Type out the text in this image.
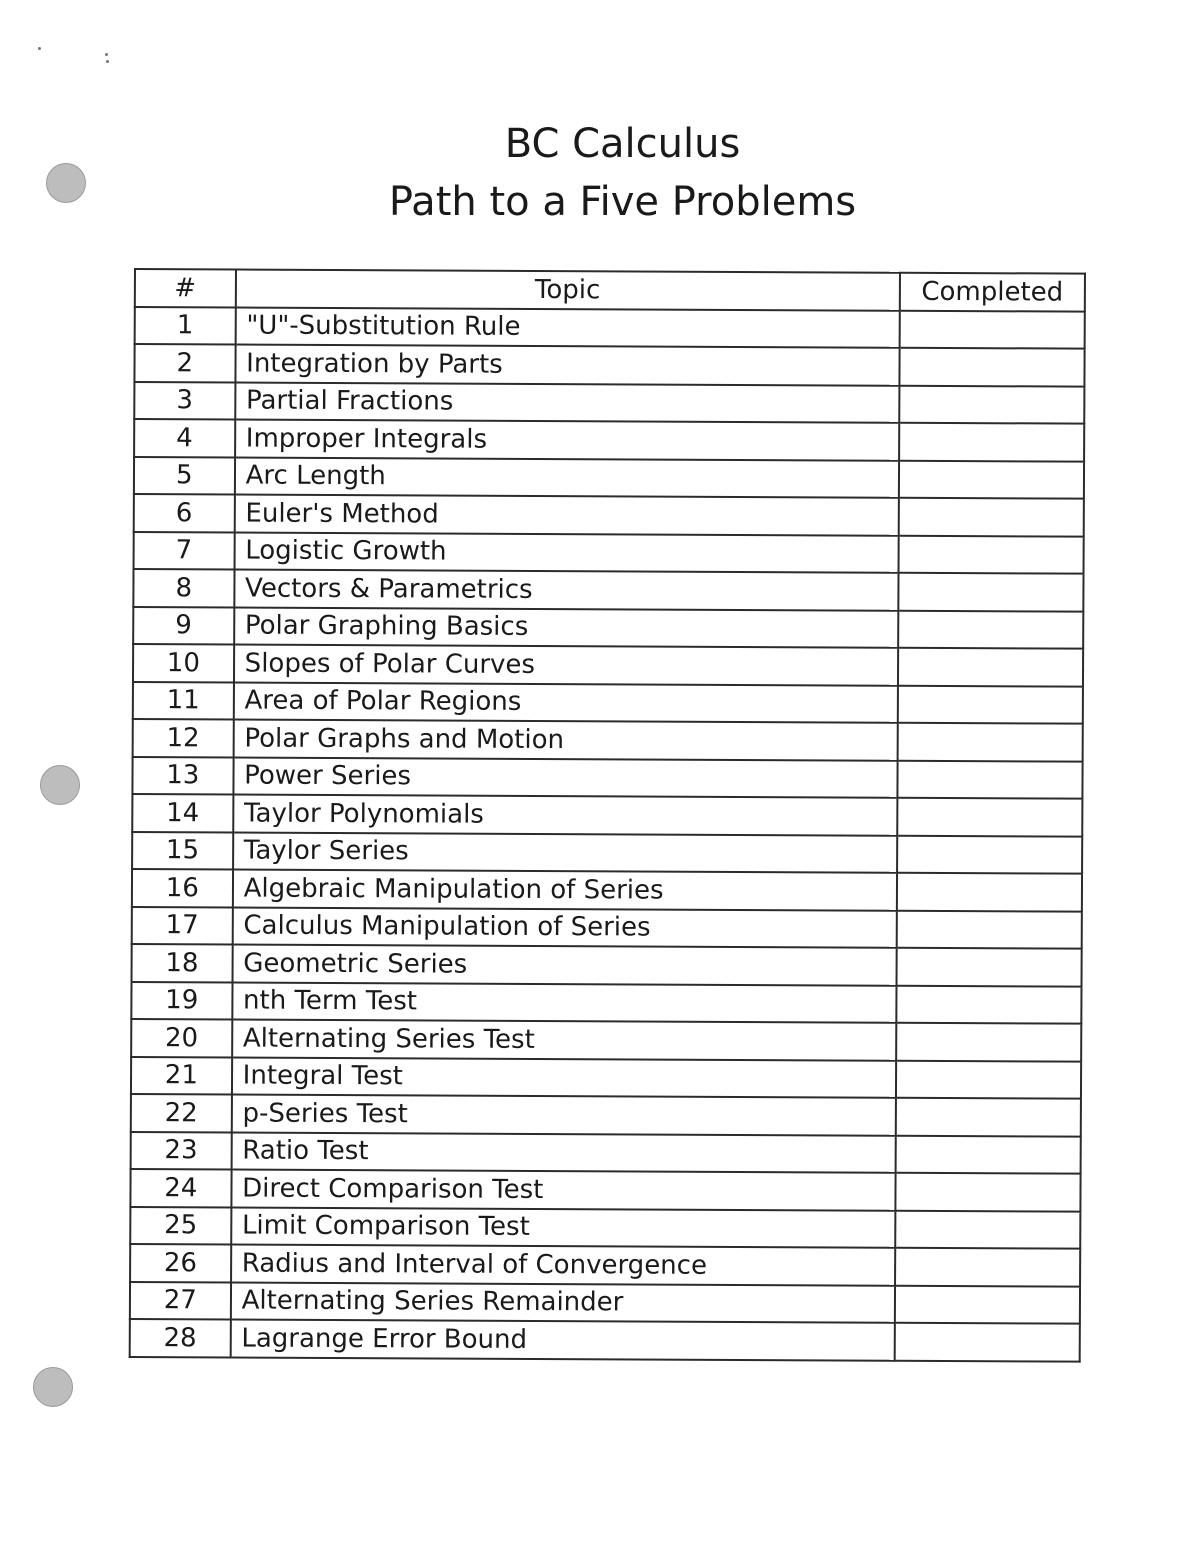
BC Calculus
Path to a Five Problems
#	Topic	Completed
1	"U"-Substitution Rule	
2	Integration by Parts	
3	Partial Fractions	
4	Improper Integrals	
5	Arc Length	
6	Euler's Method	
7	Logistic Growth	
8	Vectors & Parametrics	
9	Polar Graphing Basics	
10	Slopes of Polar Curves	
11	Area of Polar Regions	
12	Polar Graphs and Motion	
13	Power Series	
14	Taylor Polynomials	
15	Taylor Series	
16	Algebraic Manipulation of Series	
17	Calculus Manipulation of Series	
18	Geometric Series	
19	nth Term Test	
20	Alternating Series Test	
21	Integral Test	
22	p-Series Test	
23	Ratio Test	
24	Direct Comparison Test	
25	Limit Comparison Test	
26	Radius and Interval of Convergence	
27	Alternating Series Remainder	
28	Lagrange Error Bound	
